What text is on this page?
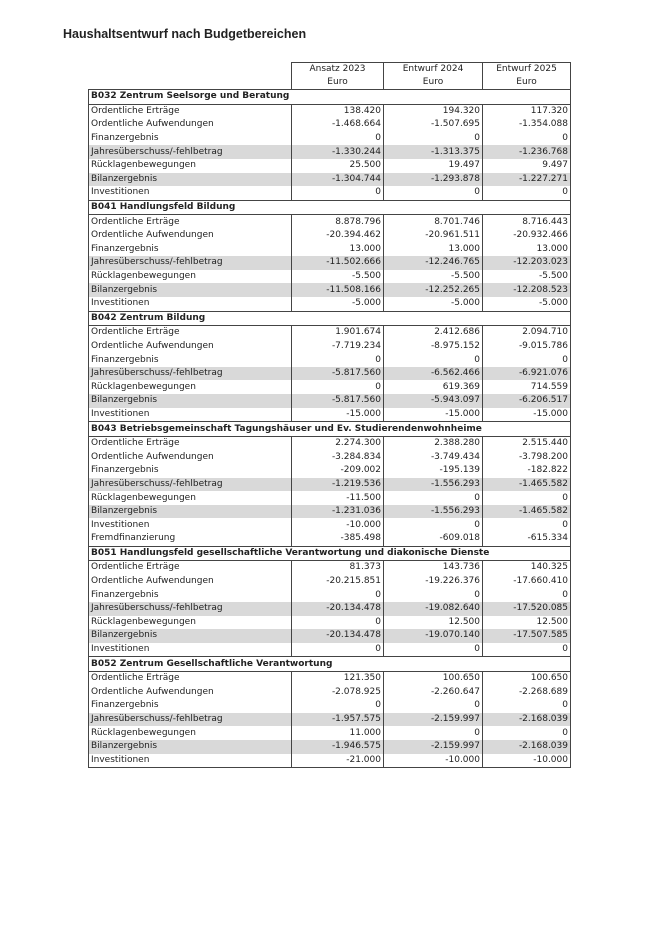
Haushaltsentwurf nach Budgetbereichen
	Ansatz 2023	Entwurf 2024	Entwurf 2025
	Euro	Euro	Euro
B032 Zentrum Seelsorge und Beratung			
Ordentliche Erträge	138.420	194.320	117.320
Ordentliche Aufwendungen	-1.468.664	-1.507.695	-1.354.088
Finanzergebnis	0	0	0
Jahresüberschuss/-fehlbetrag	-1.330.244	-1.313.375	-1.236.768
Rücklagenbewegungen	25.500	19.497	9.497
Bilanzergebnis	-1.304.744	-1.293.878	-1.227.271
Investitionen	0	0	0
B041 Handlungsfeld Bildung			
Ordentliche Erträge	8.878.796	8.701.746	8.716.443
Ordentliche Aufwendungen	-20.394.462	-20.961.511	-20.932.466
Finanzergebnis	13.000	13.000	13.000
Jahresüberschuss/-fehlbetrag	-11.502.666	-12.246.765	-12.203.023
Rücklagenbewegungen	-5.500	-5.500	-5.500
Bilanzergebnis	-11.508.166	-12.252.265	-12.208.523
Investitionen	-5.000	-5.000	-5.000
B042 Zentrum Bildung			
Ordentliche Erträge	1.901.674	2.412.686	2.094.710
Ordentliche Aufwendungen	-7.719.234	-8.975.152	-9.015.786
Finanzergebnis	0	0	0
Jahresüberschuss/-fehlbetrag	-5.817.560	-6.562.466	-6.921.076
Rücklagenbewegungen	0	619.369	714.559
Bilanzergebnis	-5.817.560	-5.943.097	-6.206.517
Investitionen	-15.000	-15.000	-15.000
B043 Betriebsgemeinschaft Tagungshäuser und Ev. Studierendenwohnheime			
Ordentliche Erträge	2.274.300	2.388.280	2.515.440
Ordentliche Aufwendungen	-3.284.834	-3.749.434	-3.798.200
Finanzergebnis	-209.002	-195.139	-182.822
Jahresüberschuss/-fehlbetrag	-1.219.536	-1.556.293	-1.465.582
Rücklagenbewegungen	-11.500	0	0
Bilanzergebnis	-1.231.036	-1.556.293	-1.465.582
Investitionen	-10.000	0	0
Fremdfinanzierung	-385.498	-609.018	-615.334
B051 Handlungsfeld gesellschaftliche Verantwortung und diakonische Dienste			
Ordentliche Erträge	81.373	143.736	140.325
Ordentliche Aufwendungen	-20.215.851	-19.226.376	-17.660.410
Finanzergebnis	0	0	0
Jahresüberschuss/-fehlbetrag	-20.134.478	-19.082.640	-17.520.085
Rücklagenbewegungen	0	12.500	12.500
Bilanzergebnis	-20.134.478	-19.070.140	-17.507.585
Investitionen	0	0	0
B052 Zentrum Gesellschaftliche Verantwortung			
Ordentliche Erträge	121.350	100.650	100.650
Ordentliche Aufwendungen	-2.078.925	-2.260.647	-2.268.689
Finanzergebnis	0	0	0
Jahresüberschuss/-fehlbetrag	-1.957.575	-2.159.997	-2.168.039
Rücklagenbewegungen	11.000	0	0
Bilanzergebnis	-1.946.575	-2.159.997	-2.168.039
Investitionen	-21.000	-10.000	-10.000
